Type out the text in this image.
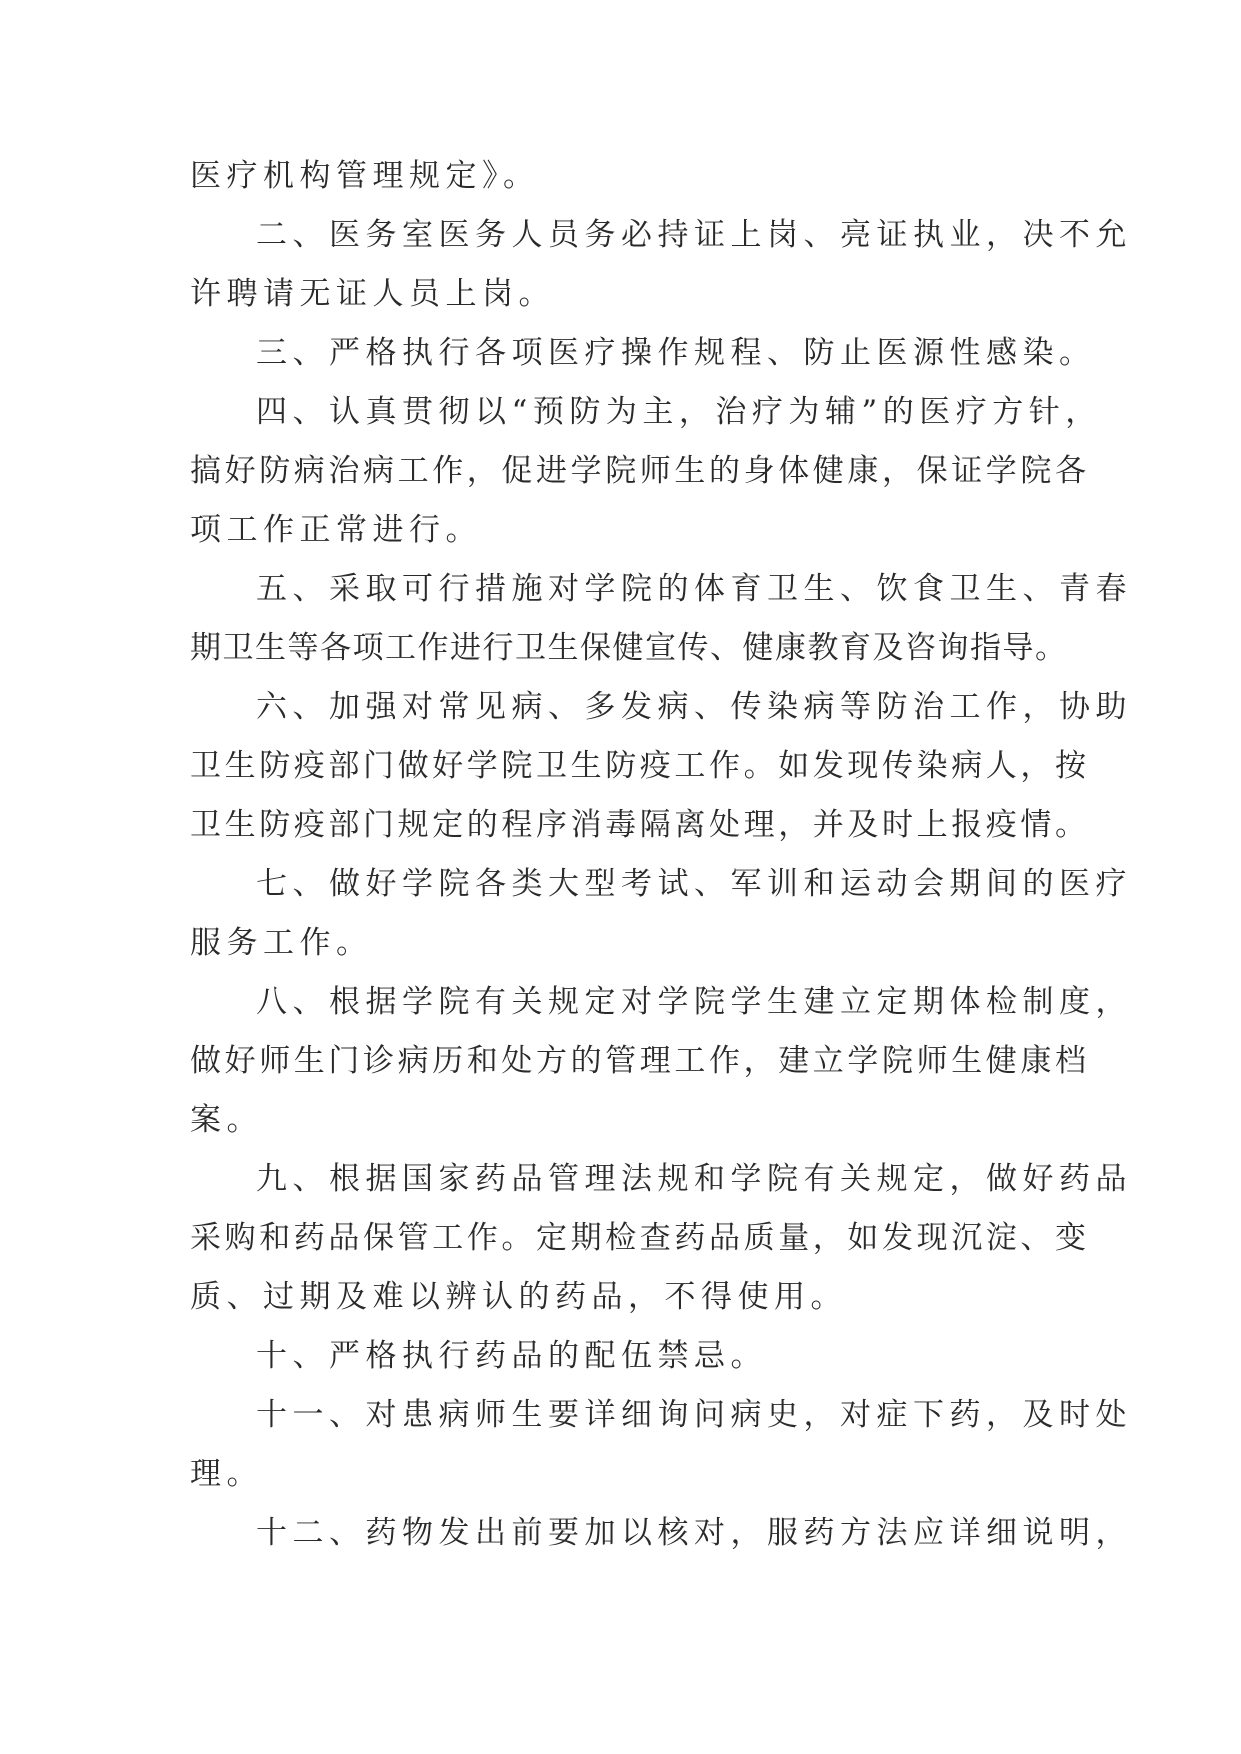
医疗机构管理规定》。
二、医务室医务人员务必持证上岗、亮证执业，决不允
许聘请无证人员上岗。
三、严格执行各项医疗操作规程、防止医源性感染。
四、认真贯彻以“预防为主，治疗为辅”的医疗方针，
搞好防病治病工作，促进学院师生的身体健康，保证学院各
项工作正常进行。
五、采取可行措施对学院的体育卫生、饮食卫生、青春
期卫生等各项工作进行卫生保健宣传、健康教育及咨询指导。
六、加强对常见病、多发病、传染病等防治工作，协助
卫生防疫部门做好学院卫生防疫工作。如发现传染病人，按
卫生防疫部门规定的程序消毒隔离处理，并及时上报疫情。
七、做好学院各类大型考试、军训和运动会期间的医疗
服务工作。
八、根据学院有关规定对学院学生建立定期体检制度，
做好师生门诊病历和处方的管理工作，建立学院师生健康档
案。
九、根据国家药品管理法规和学院有关规定，做好药品
采购和药品保管工作。定期检查药品质量，如发现沉淀、变
质、过期及难以辨认的药品，不得使用。
十、严格执行药品的配伍禁忌。
十一、对患病师生要详细询问病史，对症下药，及时处
理。
十二、药物发出前要加以核对，服药方法应详细说明，
